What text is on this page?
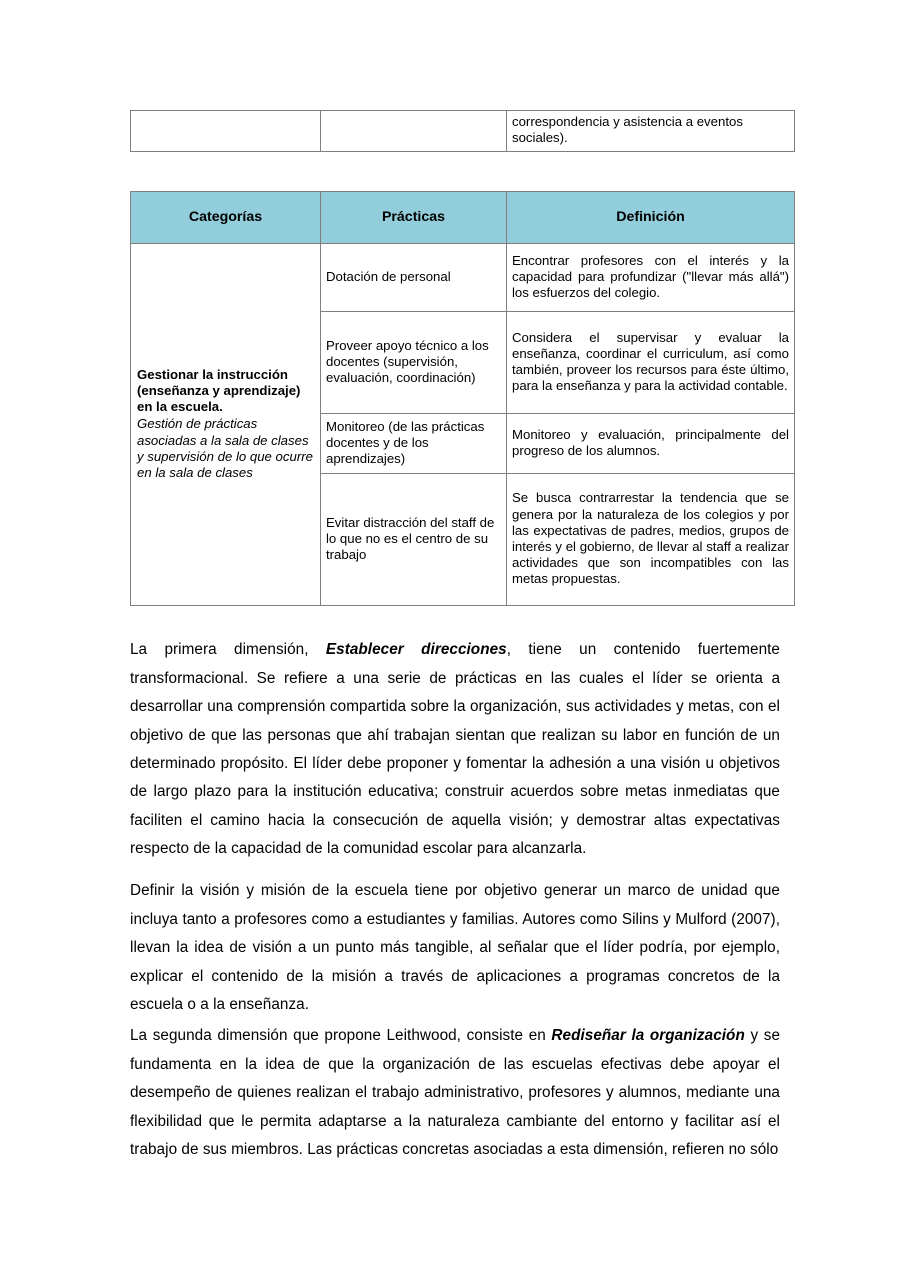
		correspondencia y asistencia a eventos sociales).
Categorías	Prácticas	Definición

Gestionar la instrucción (enseñanza y aprendizaje) en la escuela.
Gestión de prácticas asociadas a la sala de clases y supervisión de lo que ocurre en la sala de clases	Dotación de personal	Encontrar profesores con el interés y la capacidad para profundizar ("llevar más allá") los esfuerzos del colegio.
	Proveer apoyo técnico a los docentes (supervisión, evaluación, coordinación)	Considera el supervisar y evaluar la enseñanza, coordinar el curriculum, así como también, proveer los recursos para éste último, para la enseñanza y para la actividad contable.
	Monitoreo (de las prácticas docentes y de los aprendizajes)	Monitoreo y evaluación, principalmente del progreso de los alumnos.
	Evitar distracción del staff de lo que no es el centro de su trabajo	Se busca contrarrestar la tendencia que se genera por la naturaleza de los colegios y por las expectativas de padres, medios, grupos de interés y el gobierno, de llevar al staff a realizar actividades que son incompatibles con las metas propuestas.

La primera dimensión, Establecer direcciones, tiene un contenido fuertemente transformacional. Se refiere a una serie de prácticas en las cuales el líder se orienta a desarrollar una comprensión compartida sobre la organización, sus actividades y metas, con el objetivo de que las personas que ahí trabajan sientan que realizan su labor en función de un determinado propósito. El líder debe proponer y fomentar la adhesión a una visión u objetivos de largo plazo para la institución educativa; construir acuerdos sobre metas inmediatas que faciliten el camino hacia la consecución de aquella visión; y demostrar altas expectativas respecto de la capacidad de la comunidad escolar para alcanzarla.

Definir la visión y misión de la escuela tiene por objetivo generar un marco de unidad que incluya tanto a profesores como a estudiantes y familias. Autores como Silins y Mulford (2007), llevan la idea de visión a un punto más tangible, al señalar que el líder podría, por ejemplo, explicar el contenido de la misión a través de aplicaciones a programas concretos de la escuela o a la enseñanza.

La segunda dimensión que propone Leithwood, consiste en Rediseñar la organización y se fundamenta en la idea de que la organización de las escuelas efectivas debe apoyar el desempeño de quienes realizan el trabajo administrativo, profesores y alumnos, mediante una flexibilidad que le permita adaptarse a la naturaleza cambiante del entorno y facilitar así el trabajo de sus miembros. Las prácticas concretas asociadas a esta dimensión, refieren no sólo
